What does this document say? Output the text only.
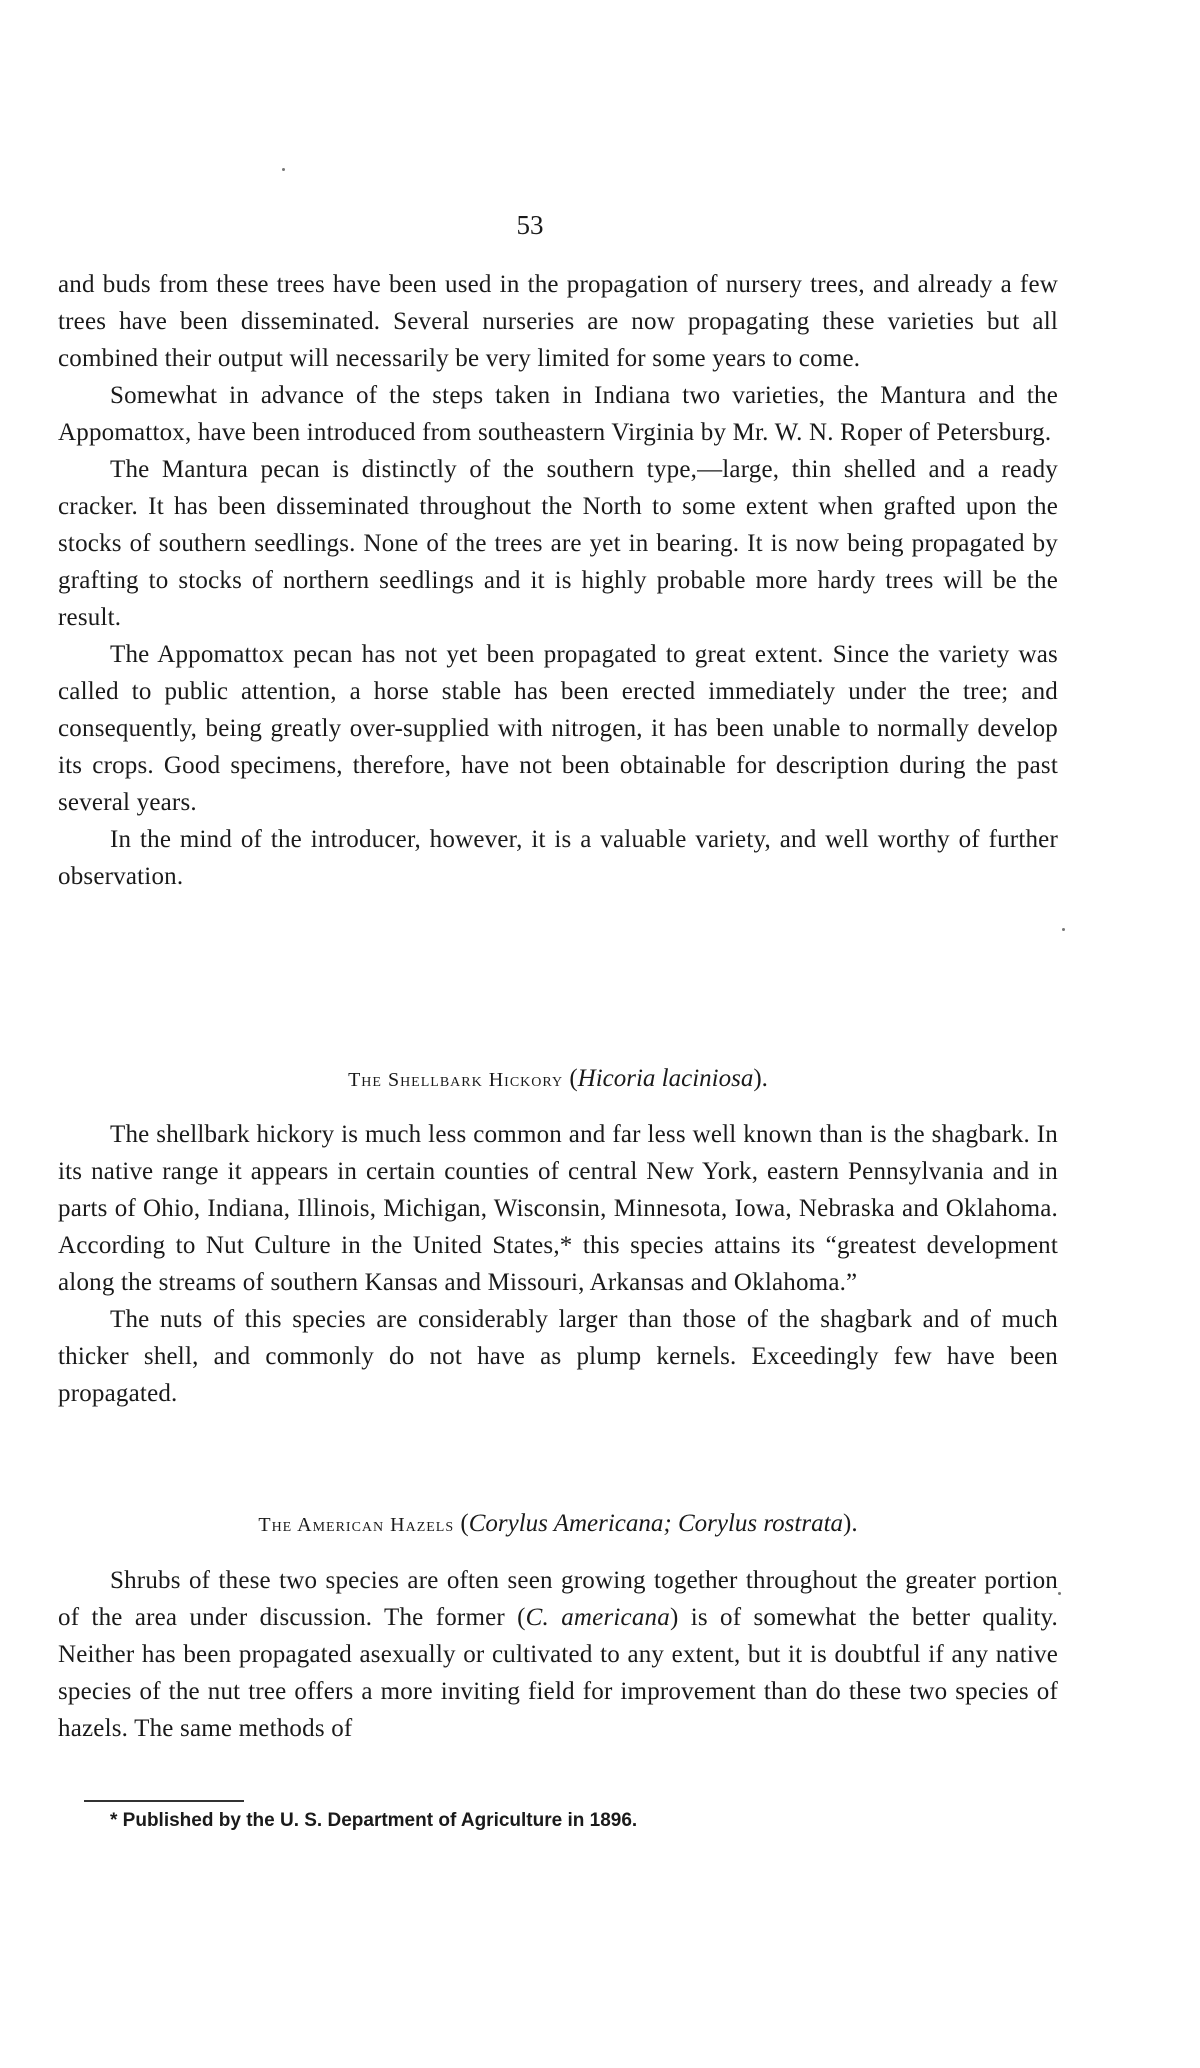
53

and buds from these trees have been used in the propagation of nursery trees, and already a few trees have been disseminated. Several nurseries are now propagating these varieties but all combined their output will necessarily be very limited for some years to come.

Somewhat in advance of the steps taken in Indiana two varieties, the Mantura and the Appomattox, have been introduced from southeastern Virginia by Mr. W. N. Roper of Petersburg.

The Mantura pecan is distinctly of the southern type,—large, thin shelled and a ready cracker. It has been disseminated throughout the North to some extent when grafted upon the stocks of southern seedlings. None of the trees are yet in bearing. It is now being propagated by grafting to stocks of northern seedlings and it is highly probable more hardy trees will be the result.

The Appomattox pecan has not yet been propagated to great extent. Since the variety was called to public attention, a horse stable has been erected immediately under the tree; and consequently, being greatly over-supplied with nitrogen, it has been unable to normally develop its crops. Good specimens, therefore, have not been obtainable for description during the past several years.

In the mind of the introducer, however, it is a valuable variety, and well worthy of further observation.

The Shellbark Hickory (Hicoria laciniosa).

The shellbark hickory is much less common and far less well known than is the shagbark. In its native range it appears in certain counties of central New York, eastern Pennsylvania and in parts of Ohio, Indiana, Illinois, Michigan, Wisconsin, Minnesota, Iowa, Nebraska and Oklahoma. According to Nut Culture in the United States,* this species attains its “greatest development along the streams of southern Kansas and Missouri, Arkansas and Oklahoma.”

The nuts of this species are considerably larger than those of the shagbark and of much thicker shell, and commonly do not have as plump kernels. Exceedingly few have been propagated.

The American Hazels (Corylus Americana; Corylus rostrata).

Shrubs of these two species are often seen growing together throughout the greater portion of the area under discussion. The former (C. americana) is of somewhat the better quality. Neither has been propagated asexually or cultivated to any extent, but it is doubtful if any native species of the nut tree offers a more inviting field for improvement than do these two species of hazels. The same methods of

* Published by the U. S. Department of Agriculture in 1896.
